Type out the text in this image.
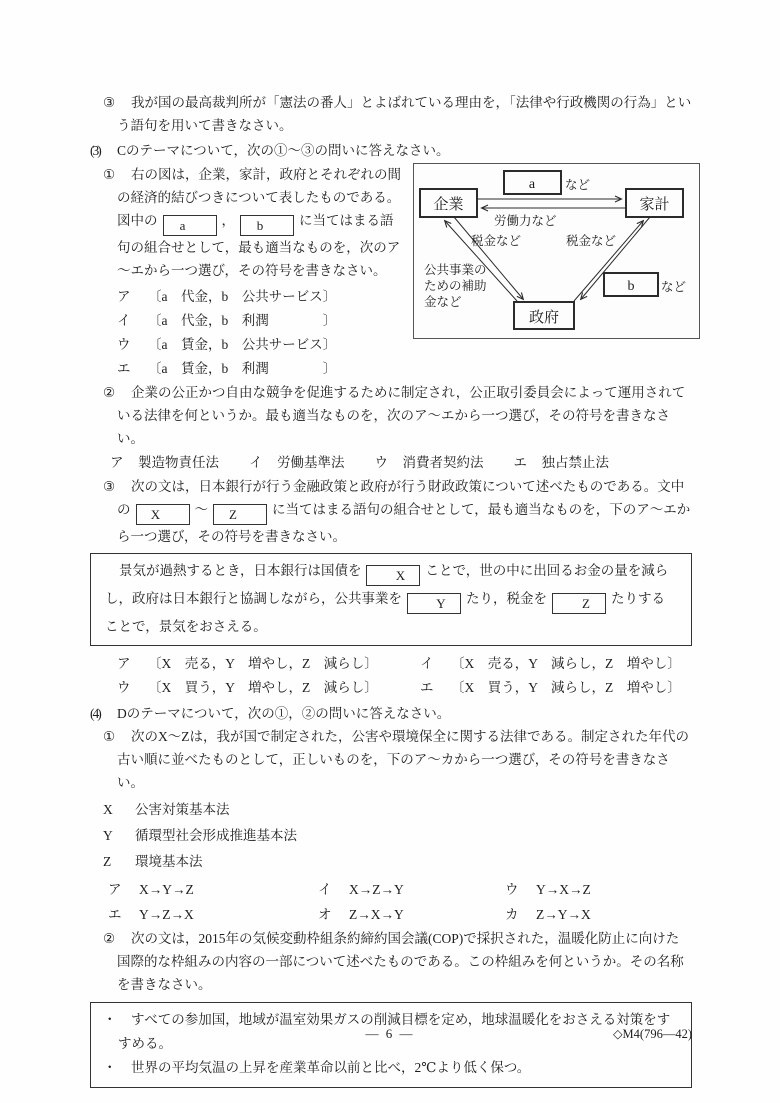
③ 我が国の最高裁判所が「憲法の番人」とよばれている理由を，「法律や行政機関の行為」という語句を用いて書きなさい。

(3) Cのテーマについて，次の①～③の問いに答えなさい。

① 右の図は，企業，家計，政府とそれぞれの間の経済的結びつきについて表したものである。図中の a	， b	に当てはまる語句の組合せとして，最も適当なものを，次のア～エから一つ選び，その符号を書きなさい。

ア 〔a　代金，b　公共サービス〕

イ 〔a　代金，b　利潤　　　　〕

ウ 〔a　賃金，b　公共サービス〕

エ 〔a　賃金，b　利潤　　　　〕

a など
企業	家計
労働力など
税金など	税金など
公共事業の
ための補助
金など
b など
政府

② 企業の公正かつ自由な競争を促進するために制定され，公正取引委員会によって運用されている法律を何というか。最も適当なものを，次のア～エから一つ選び，その符号を書きなさい。

ア 製造物責任法 イ 労働基準法 ウ 消費者契約法 エ 独占禁止法

③ 次の文は，日本銀行が行う金融政策と政府が行う財政政策について述べたものである。文中の X	～ Z	に当てはまる語句の組合せとして，最も適当なものを，下のア～エから一つ選び，その符号を書きなさい。

景気が過熱するとき，日本銀行は国債を	X ことで，世の中に出回るお金の量を減らし，政府は日本銀行と協調しながら，公共事業を	Y たり，税金を	Z たりすることで，景気をおさえる。
ア 〔X　売る，Y　増やし，Z　減らし〕	イ 〔X　売る，Y　減らし，Z　増やし〕
ウ 〔X　買う，Y　増やし，Z　減らし〕	エ 〔X　買う，Y　減らし，Z　増やし〕

(4) Dのテーマについて，次の①，②の問いに答えなさい。

① 次のX～Zは，我が国で制定された，公害や環境保全に関する法律である。制定された年代の古い順に並べたものとして，正しいものを，下のア～カから一つ選び，その符号を書きなさい。

X 公害対策基本法

Y 循環型社会形成推進基本法

Z 環境基本法

ア X→Y→Z	イ X→Z→Y	ウ Y→X→Z
エ Y→Z→X	オ Z→X→Y	カ Z→Y→X

② 次の文は，2015年の気候変動枠組条約締約国会議(COP)で採択された，温暖化防止に向けた国際的な枠組みの内容の一部について述べたものである。この枠組みを何というか。その名称を書きなさい。

・ すべての参加国，地域が温室効果ガスの削減目標を定め，地球温暖化をおさえる対策をすすめる。

・ 世界の平均気温の上昇を産業革命以前と比べ，2℃より低く保つ。

— 6 —	◇M4(796—42)
